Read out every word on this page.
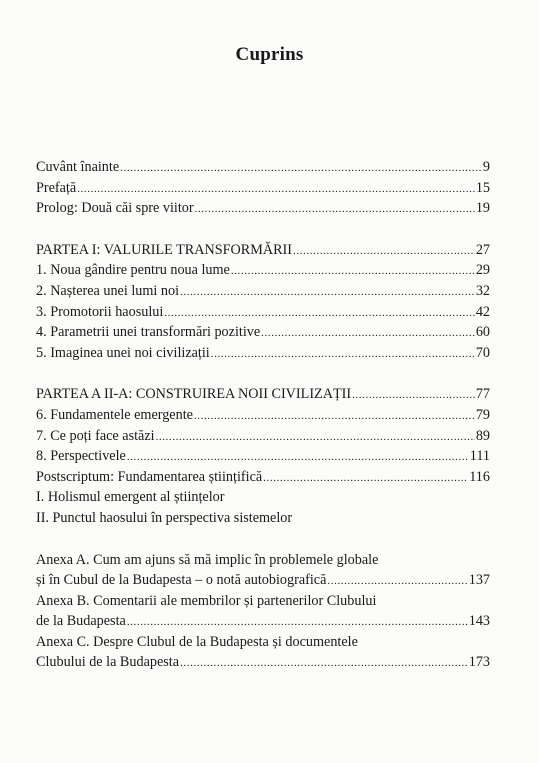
Cuprins
Cuvânt înainte .....	9
Prefață .....	15
Prolog: Două căi spre viitor .....	19
PARTEA I: VALURILE TRANSFORMĂRII .....	27
1. Noua gândire pentru noua lume .....	29
2. Nașterea unei lumi noi .....	32
3. Promotorii haosului .....	42
4. Parametrii unei transformări pozitive .....	60
5. Imaginea unei noi civilizații .....	70
PARTEA A II-A: CONSTRUIREA NOII CIVILIZAȚII .....	77
6. Fundamentele emergente .....	79
7. Ce poți face astăzi .....	89
8. Perspectivele .....	111
Postscriptum: Fundamentarea științifică .....	116
I. Holismul emergent al științelor
II. Punctul haosului în perspectiva sistemelor
Anexa A. Cum am ajuns să mă implic în problemele globale
și în Cubul de la Budapesta – o notă autobiografică .....	137
Anexa B. Comentarii ale membrilor și partenerilor Clubului
de la Budapesta .....	143
Anexa C. Despre Clubul de la Budapesta și documentele
Clubului de la Budapesta .....	173
